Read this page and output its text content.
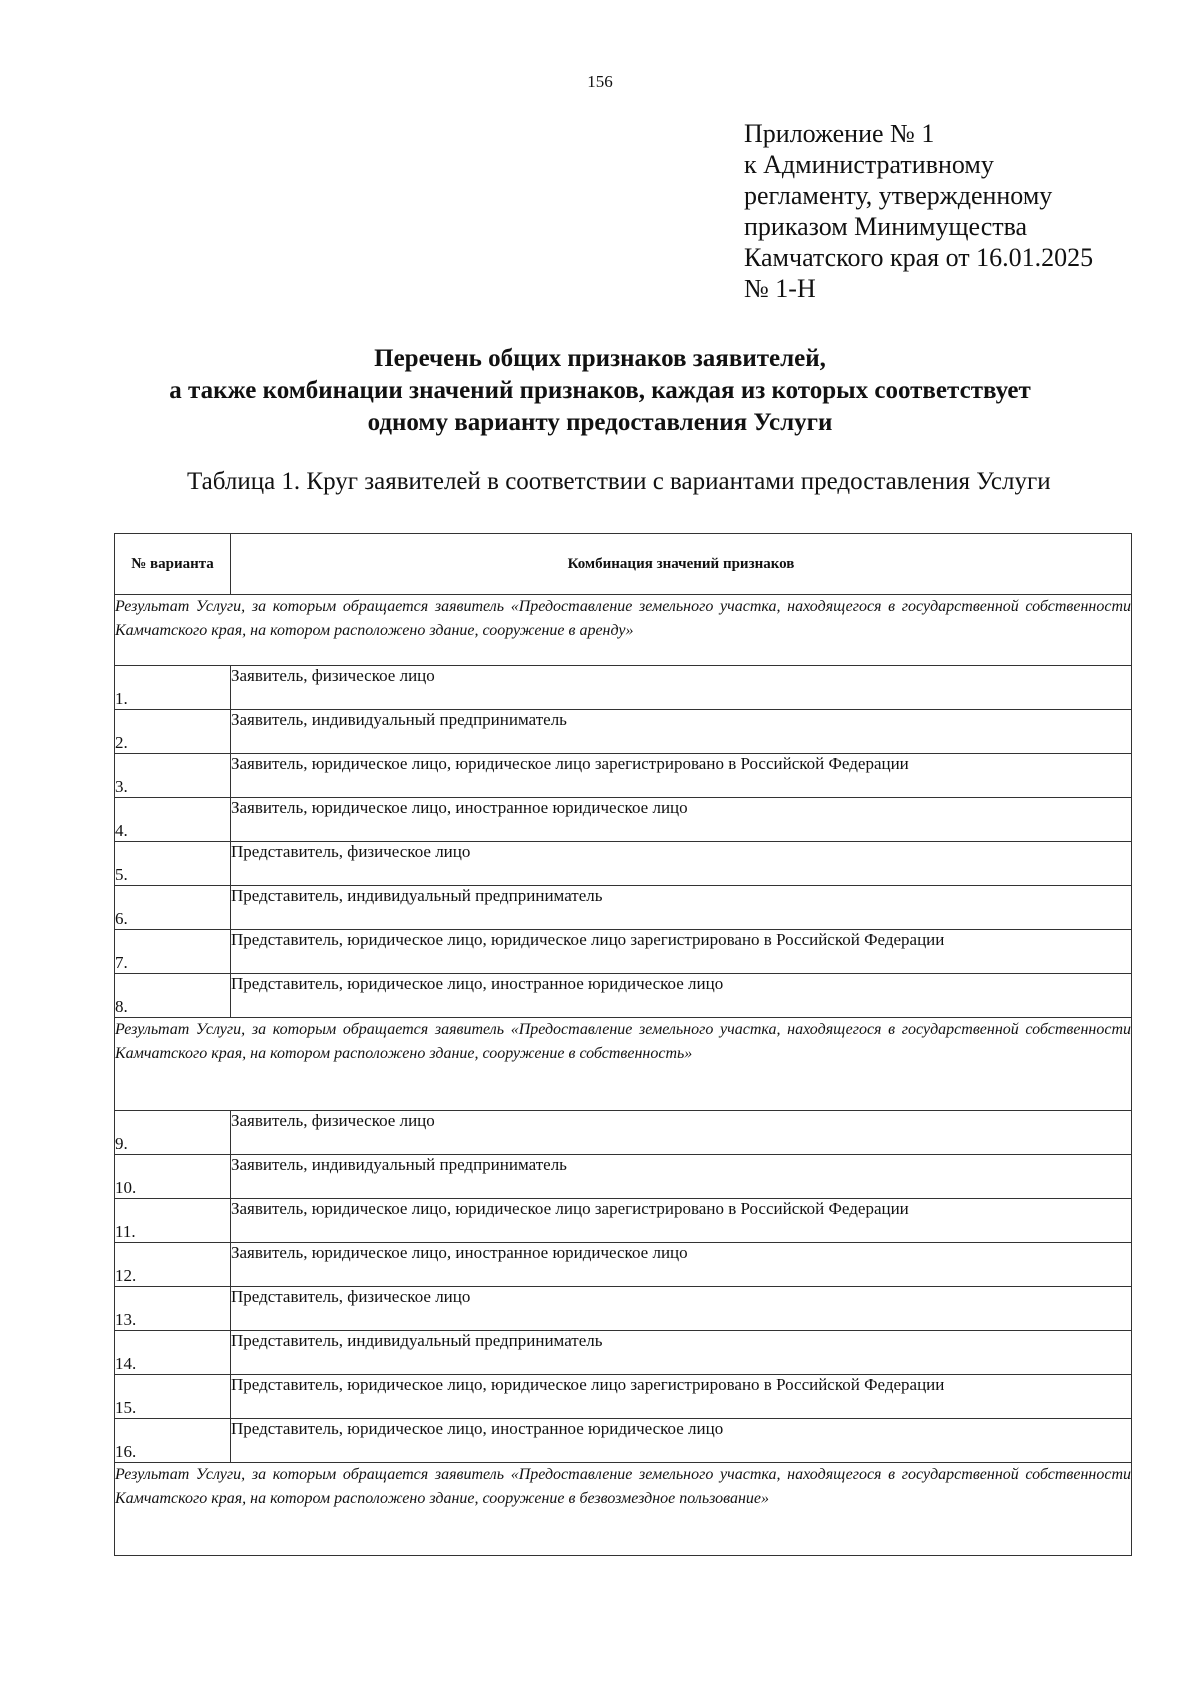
156
Приложение № 1
к Административному
регламенту, утвержденному
приказом Минимущества
Камчатского края от 16.01.2025
№ 1-Н
Перечень общих признаков заявителей,
а также комбинации значений признаков, каждая из которых соответствует
одному варианту предоставления Услуги
Таблица 1. Круг заявителей в соответствии с вариантами предоставления Услуги
№ варианта	Комбинация значений признаков
Результат Услуги, за которым обращается заявитель «Предоставление земельного участка, находящегося в государственной собственности Камчатского края, на котором расположено здание, сооружение в аренду»	
1.	Заявитель, физическое лицо
2.	Заявитель, индивидуальный предприниматель
3.	Заявитель, юридическое лицо, юридическое лицо зарегистрировано в Российской Федерации
4.	Заявитель, юридическое лицо, иностранное юридическое лицо
5.	Представитель, физическое лицо
6.	Представитель, индивидуальный предприниматель
7.	Представитель, юридическое лицо, юридическое лицо зарегистрировано в Российской Федерации
8.	Представитель, юридическое лицо, иностранное юридическое лицо
Результат Услуги, за которым обращается заявитель «Предоставление земельного участка, находящегося в государственной собственности Камчатского края, на котором расположено здание, сооружение в собственность»	
9.	Заявитель, физическое лицо
10.	Заявитель, индивидуальный предприниматель
11.	Заявитель, юридическое лицо, юридическое лицо зарегистрировано в Российской Федерации
12.	Заявитель, юридическое лицо, иностранное юридическое лицо
13.	Представитель, физическое лицо
14.	Представитель, индивидуальный предприниматель
15.	Представитель, юридическое лицо, юридическое лицо зарегистрировано в Российской Федерации
16.	Представитель, юридическое лицо, иностранное юридическое лицо
Результат Услуги, за которым обращается заявитель «Предоставление земельного участка, находящегося в государственной собственности Камчатского края, на котором расположено здание, сооружение в безвозмездное пользование»	
